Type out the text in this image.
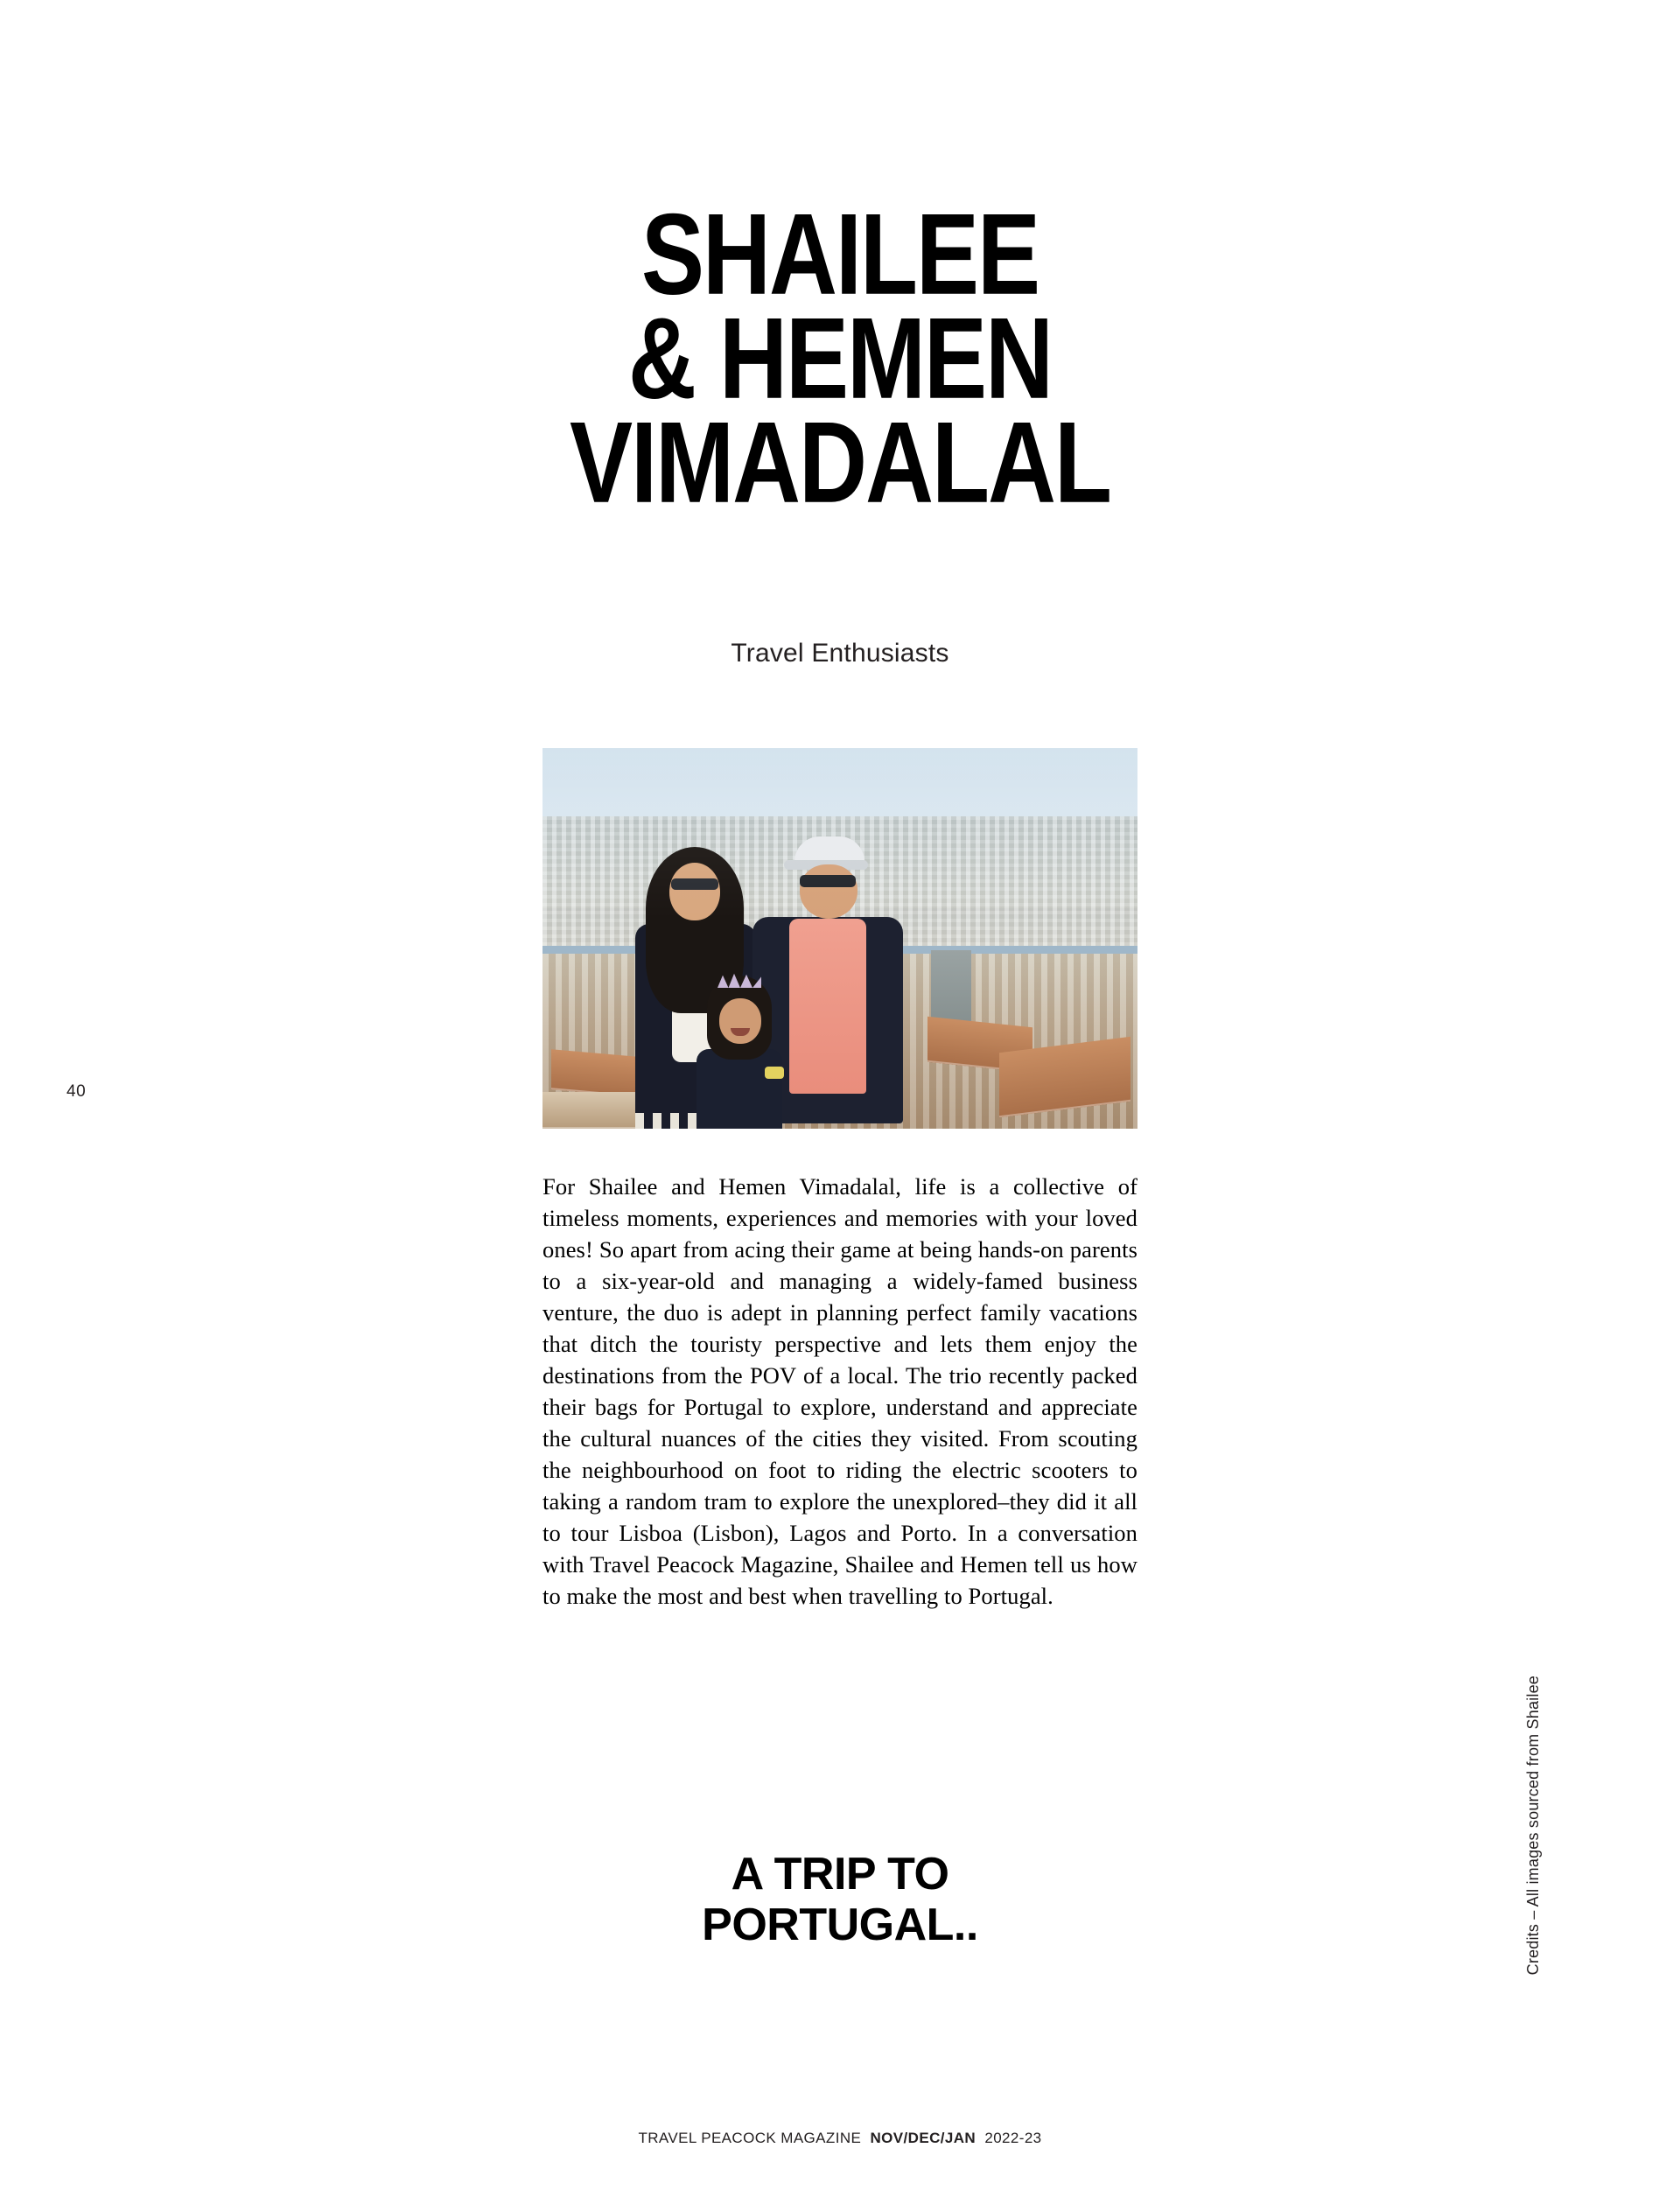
40
SHAILEE
& HEMEN
VIMADALAL
Travel Enthusiasts
For Shailee and Hemen Vimadalal, life is a collective of timeless moments, experiences and memories with your loved ones! So apart from acing their game at being hands-on parents to a six-year-old and managing a widely-famed business venture, the duo is adept in planning perfect family vacations that ditch the touristy perspective and lets them enjoy the destinations from the POV of a local. The trio recently packed their bags for Portugal to explore, understand and appreciate the cultural nuances of the cities they visited. From scouting the neighbourhood on foot to riding the electric scooters to taking a random tram to explore the unexplored–they did it all to tour Lisboa (Lisbon), Lagos and Porto. In a conversation with Travel Peacock Magazine, Shailee and Hemen tell us how to make the most and best when travelling to Portugal.
A TRIP TO
PORTUGAL..	Credits – All images sourced from Shailee
TRAVEL PEACOCK MAGAZINE NOV/DEC/JAN 2022-23
